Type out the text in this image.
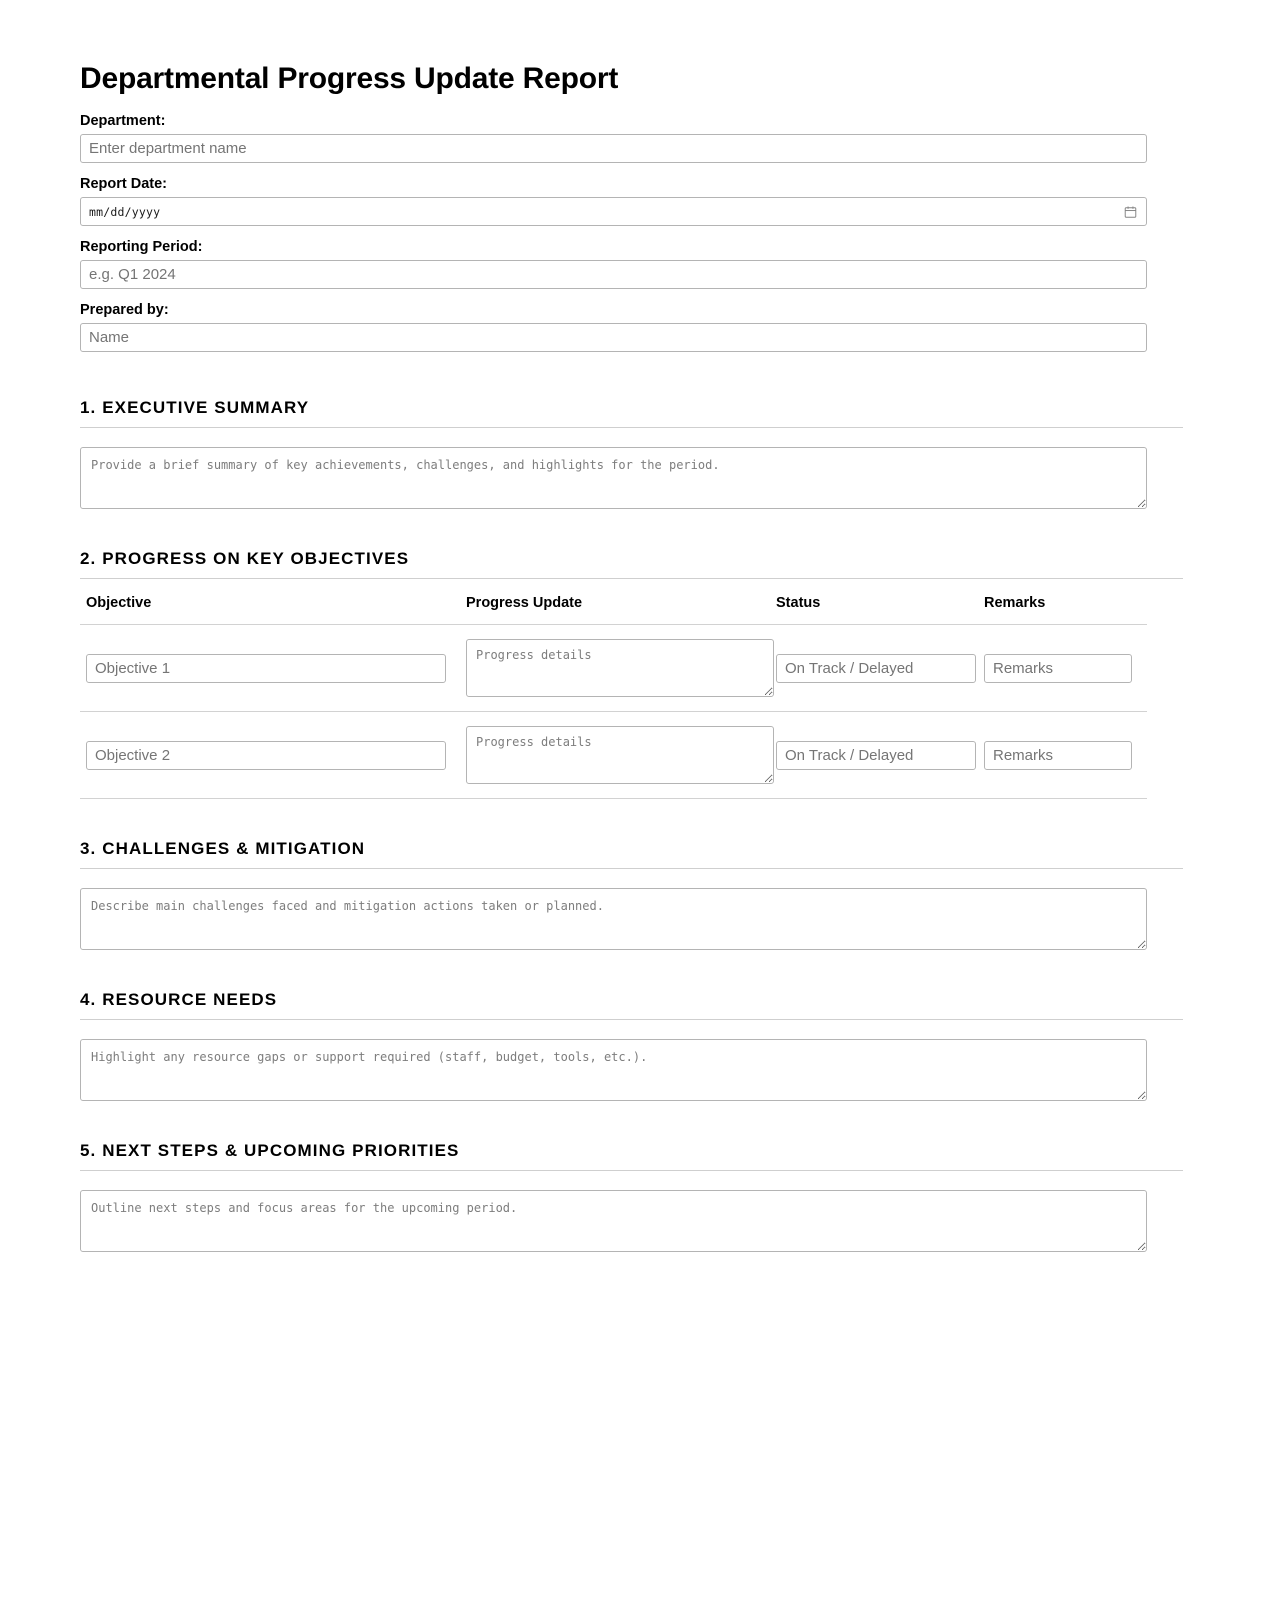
Departmental Progress Update Report
Department:
Enter department name
Report Date:
mm/dd/yyyy
Reporting Period:
e.g. Q1 2024
Prepared by:
Name
1. EXECUTIVE SUMMARY
Provide a brief summary of key achievements, challenges, and highlights for the period.
2. PROGRESS ON KEY OBJECTIVES
Objective	Progress Update	Status	Remarks
Objective 1	Progress details	On Track / Delayed	Remarks
Objective 2	Progress details	On Track / Delayed	Remarks
3. CHALLENGES & MITIGATION
Describe main challenges faced and mitigation actions taken or planned.
4. RESOURCE NEEDS
Highlight any resource gaps or support required (staff, budget, tools, etc.).
5. NEXT STEPS & UPCOMING PRIORITIES
Outline next steps and focus areas for the upcoming period.
